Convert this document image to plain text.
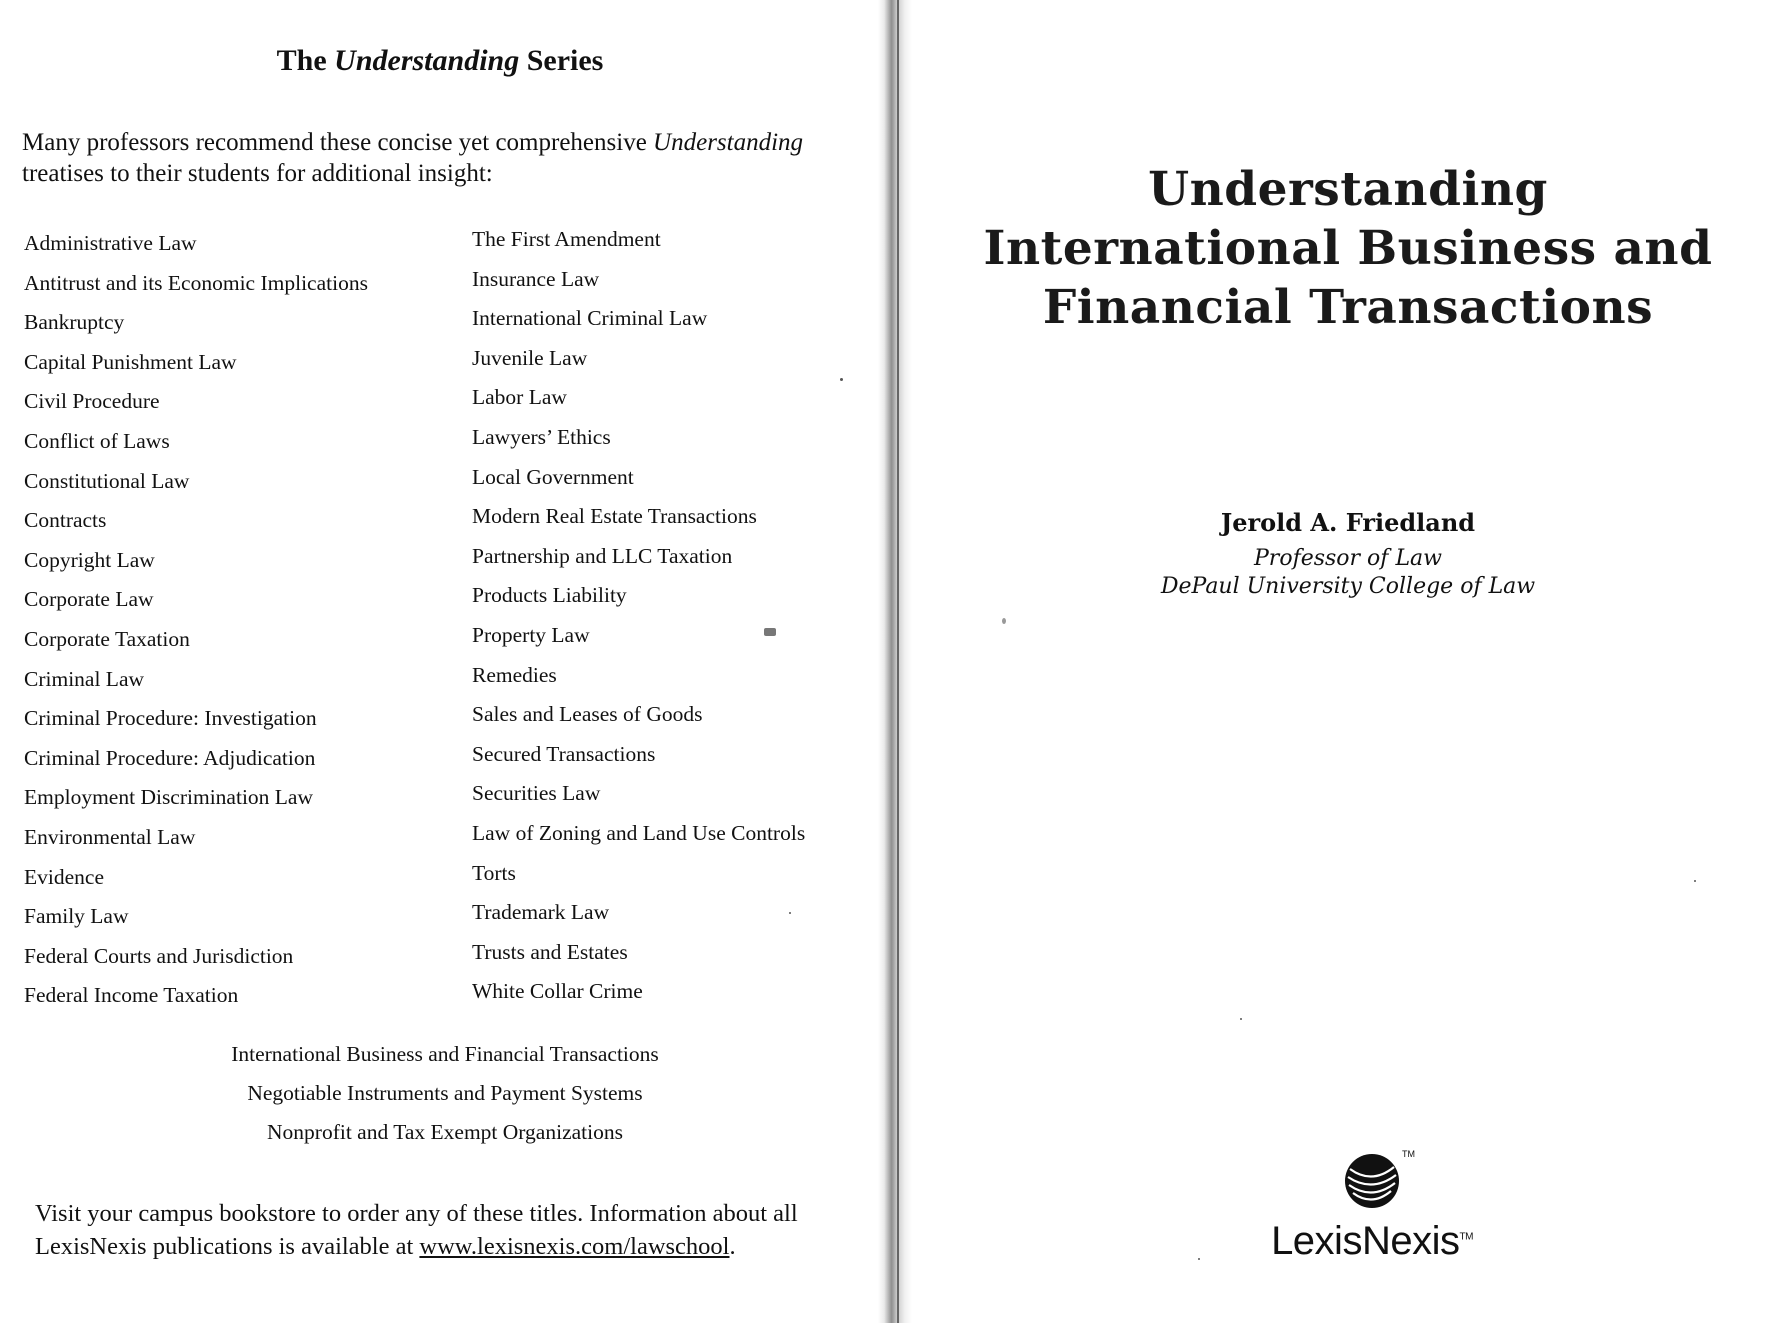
The Understanding Series

Many professors recommend these concise yet comprehensive Understanding treatises to their students for additional insight:

Administrative Law
Antitrust and its Economic Implications
Bankruptcy
Capital Punishment Law
Civil Procedure
Conflict of Laws
Constitutional Law
Contracts
Copyright Law
Corporate Law
Corporate Taxation
Criminal Law
Criminal Procedure: Investigation
Criminal Procedure: Adjudication
Employment Discrimination Law
Environmental Law
Evidence
Family Law
Federal Courts and Jurisdiction
Federal Income Taxation
The First Amendment
Insurance Law
International Criminal Law
Juvenile Law
Labor Law
Lawyers’ Ethics
Local Government
Modern Real Estate Transactions
Partnership and LLC Taxation
Products Liability
Property Law
Remedies
Sales and Leases of Goods
Secured Transactions
Securities Law
Law of Zoning and Land Use Controls
Torts
Trademark Law
Trusts and Estates
White Collar Crime
International Business and Financial Transactions
Negotiable Instruments and Payment Systems
Nonprofit and Tax Exempt Organizations

Visit your campus bookstore to order any of these titles. Information about all LexisNexis publications is available at www.lexisnexis.com/lawschool.

Understanding
International Business and
Financial Transactions

Jerold A. Friedland

Professor of Law

DePaul University College of Law

TM
LexisNexis™
